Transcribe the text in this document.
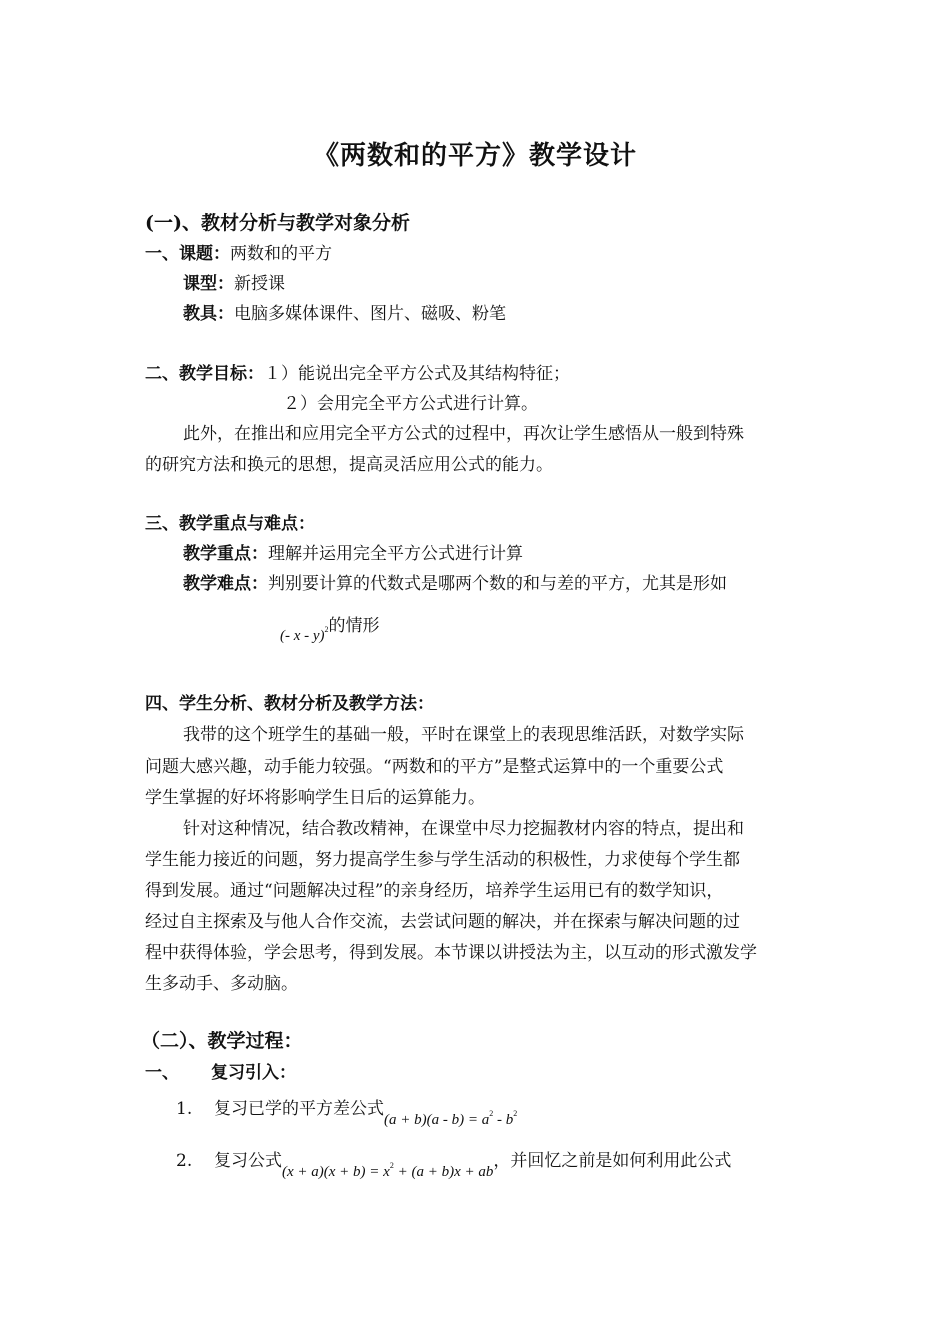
《两数和的平方》教学设计
(一)、教材分析与教学对象分析
一、课题：两数和的平方
课型：新授课
教具：电脑多媒体课件、图片、磁吸、粉笔
二、教学目标：１）能说出完全平方公式及其结构特征；
２）会用完全平方公式进行计算。
此外，在推出和应用完全平方公式的过程中，再次让学生感悟从一般到特殊
的研究方法和换元的思想，提高灵活应用公式的能力。
三、教学重点与难点：
教学重点：理解并运用完全平方公式进行计算
教学难点：判别要计算的代数式是哪两个数的和与差的平方，尤其是形如
(- x - y)$^2$的情形
四、学生分析、教材分析及教学方法：
我带的这个班学生的基础一般，平时在课堂上的表现思维活跃，对数学实际
问题大感兴趣，动手能力较强。“两数和的平方”是整式运算中的一个重要公式
学生掌握的好坏将影响学生日后的运算能力。
针对这种情况，结合教改精神，在课堂中尽力挖掘教材内容的特点，提出和
学生能力接近的问题，努力提高学生参与学生活动的积极性，力求使每个学生都
得到发展。通过“问题解决过程”的亲身经历，培养学生运用已有的数学知识，
经过自主探索及与他人合作交流，去尝试问题的解决，并在探索与解决问题的过
程中获得体验，学会思考，得到发展。本节课以讲授法为主，以互动的形式激发学
生多动手、多动脑。
（二）、教学过程：
一、 复习引入：
1. 复习已学的平方差公式$(a + b)(a - b) = a^2 - b^2$
2. 复习公式$(x + a)(x + b) = x^2 + (a + b)x$ + ab，并回忆之前是如何利用此公式
